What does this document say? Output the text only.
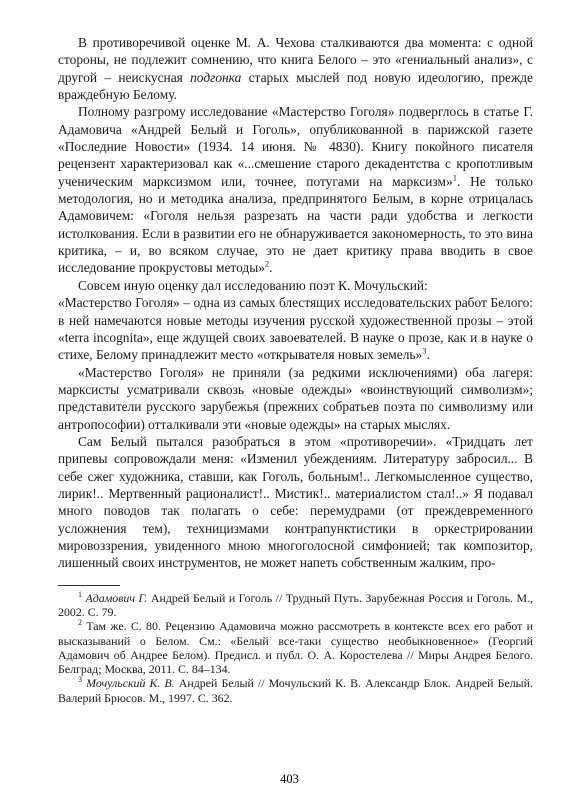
В противоречивой оценке М. А. Чехова сталкиваются два момента: с одной стороны, не подлежит сомнению, что книга Белого – это «гениальный анализ», с другой – неискусная подгонка старых мыслей под новую идеологию, прежде враждебную Белому.

Полному разгрому исследование «Мастерство Гоголя» подверглось в статье Г. Адамовича «Андрей Белый и Гоголь», опубликованной в парижской газете «Последние Новости» (1934. 14 июня. № 4830). Книгу покойного писателя рецензент характеризовал как «...смешение старого декадентства с кропотливым ученическим марксизмом или, точнее, потугами на марксизм»$^1$. Не только методология, но и методика анализа, предпринятого Белым, в корне отрицалась Адамовичем: «Гоголя нельзя разрезать на части ради удобства и легкости истолкования. Если в развитии его не обнаруживается закономерность, то это вина критика, – и, во всяком случае, это не дает критику права вводить в свое исследование прокрустовы методы»$^2$.

Совсем иную оценку дал исследованию поэт К. Мочульский:

«Мастерство Гоголя» – одна из самых блестящих исследовательских работ Белого: в ней намечаются новые методы изучения русской художественной прозы – этой «terra incognita», еще ждущей своих завоевателей. В науке о прозе, как и в науке о стихе, Белому принадлежит место «открывателя новых земель»$^3$.

«Мастерство Гоголя» не приняли (за редкими исключениями) оба лагеря: марксисты усматривали сквозь «новые одежды» «воинствующий символизм»; представители русского зарубежья (прежних собратьев поэта по символизму или антропософии) отталкивали эти «новые одежды» на старых мыслях.

Сам Белый пытался разобраться в этом «противоречии». «Тридцать лет припевы сопровождали меня: «Изменил убеждениям. Литературу забросил... В себе сжег художника, ставши, как Гоголь, больным!.. Легкомысленное существо, лирик!.. Мертвенный рационалист!.. Мистик!.. материалистом стал!..» Я подавал много поводов так полагать о себе: перемудрами (от преждевременного усложнения тем), техницизмами контрапунктистики в оркестрировании мировоззрения, увиденного мною многоголосной симфонией; так композитор, лишенный своих инструментов, не может напеть собственным жалким, про-

$^1$ Адамович Г. Андрей Белый и Гоголь // Трудный Путь. Зарубежная Россия и Гоголь. М., 2002. С. 79.

$^2$ Там же. С. 80. Рецензию Адамовича можно рассмотреть в контексте всех его работ и высказываний о Белом. См.: «Белый все-таки существо необыкновенное» (Георгий Адамович об Андрее Белом). Предисл. и публ. О. А. Коростелева // Миры Андрея Белого. Белград; Москва, 2011. С. 84–134.

$^3$ Мочульский К. В. Андрей Белый // Мочульский К. В. Александр Блок. Андрей Белый. Валерий Брюсов. М., 1997. С. 362.

403
